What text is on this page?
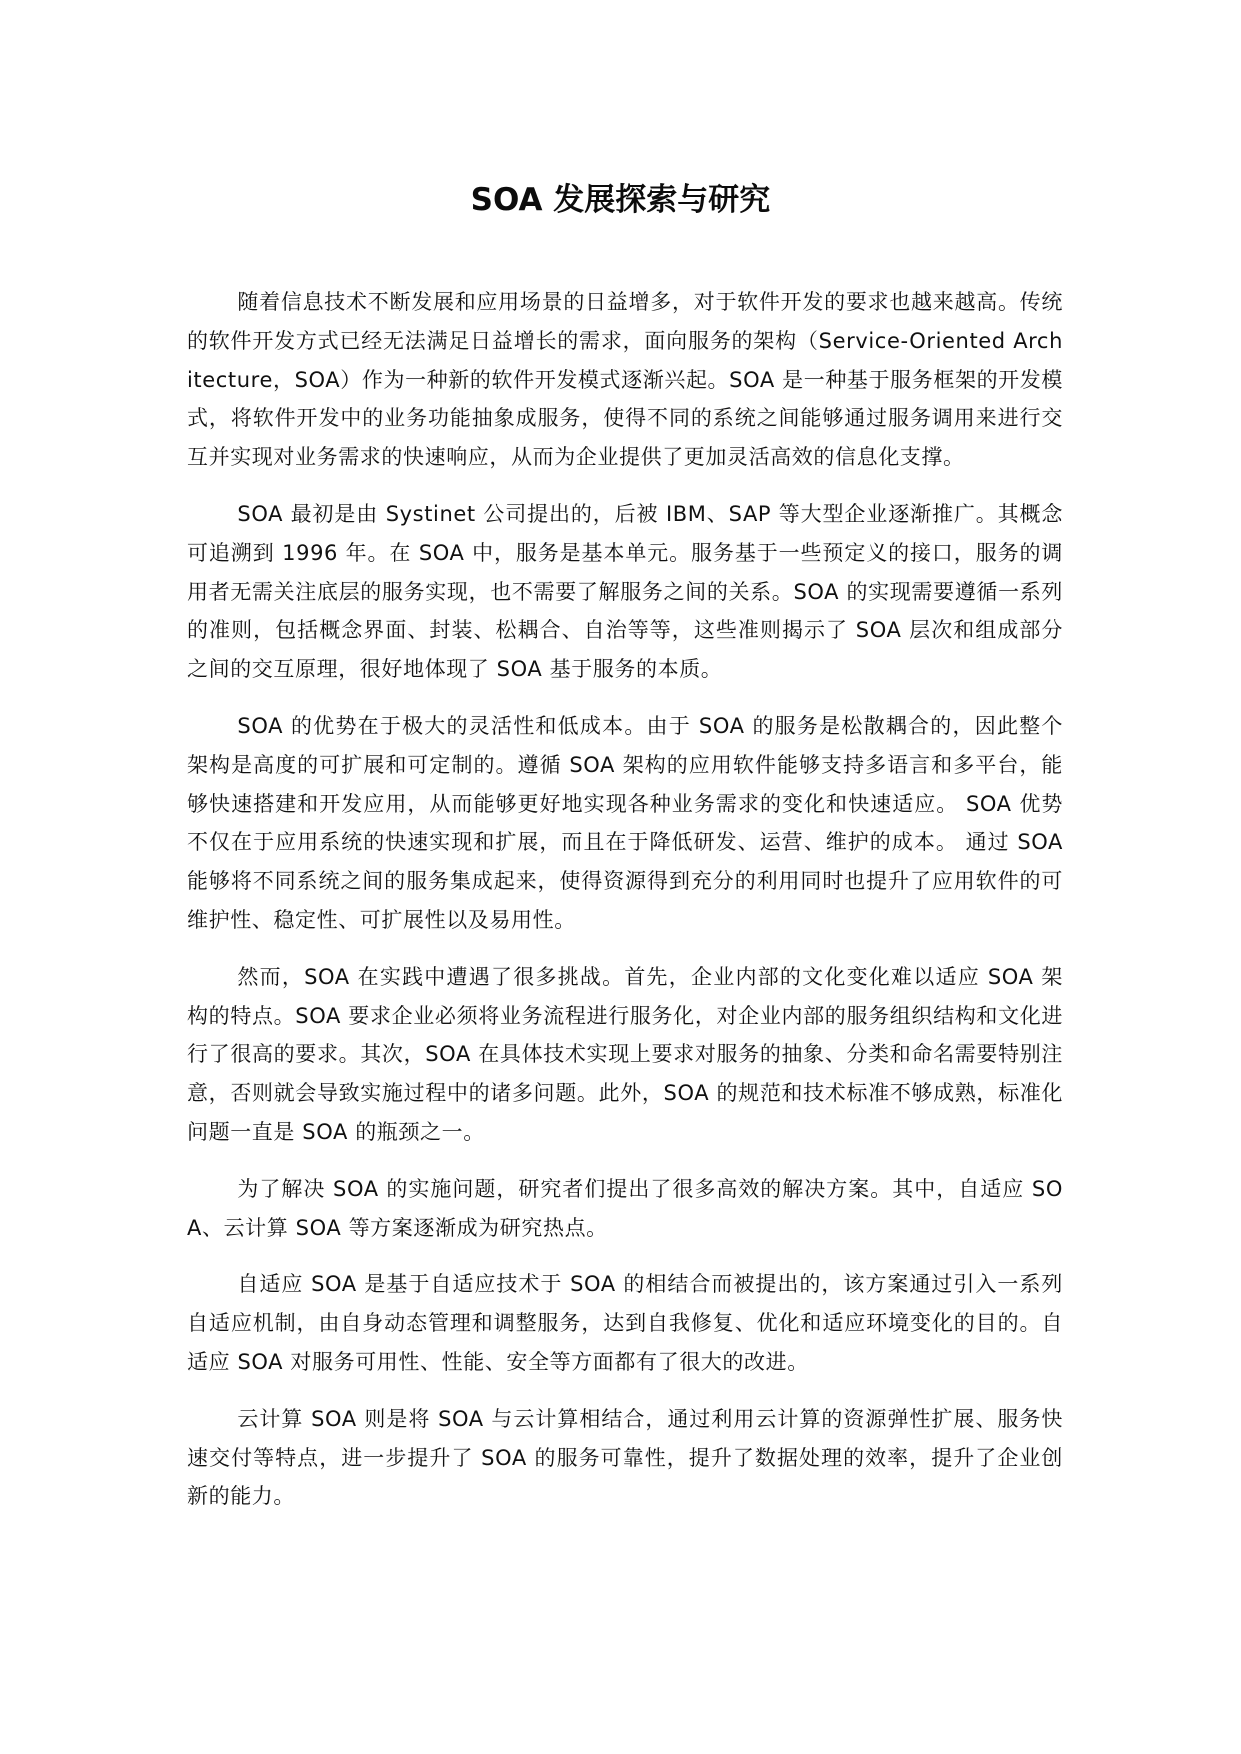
SOA 发展探索与研究

随着信息技术不断发展和应用场景的日益增多，对于软件开发的要求也越来越高。传统的软件开发方式已经无法满足日益增长的需求，面向服务的架构（Service-Oriented Architecture，SOA）作为一种新的软件开发模式逐渐兴起。SOA 是一种基于服务框架的开发模式，将软件开发中的业务功能抽象成服务，使得不同的系统之间能够通过服务调用来进行交互并实现对业务需求的快速响应，从而为企业提供了更加灵活高效的信息化支撑。

SOA 最初是由 Systinet 公司提出的，后被 IBM、SAP 等大型企业逐渐推广。其概念可追溯到 1996 年。在 SOA 中，服务是基本单元。服务基于一些预定义的接口，服务的调用者无需关注底层的服务实现，也不需要了解服务之间的关系。SOA 的实现需要遵循一系列的准则，包括概念界面、封装、松耦合、自治等等，这些准则揭示了 SOA 层次和组成部分之间的交互原理，很好地体现了 SOA 基于服务的本质。

SOA 的优势在于极大的灵活性和低成本。由于 SOA 的服务是松散耦合的，因此整个架构是高度的可扩展和可定制的。遵循 SOA 架构的应用软件能够支持多语言和多平台，能够快速搭建和开发应用，从而能够更好地实现各种业务需求的变化和快速适应。 SOA 优势不仅在于应用系统的快速实现和扩展，而且在于降低研发、运营、维护的成本。 通过 SOA 能够将不同系统之间的服务集成起来，使得资源得到充分的利用同时也提升了应用软件的可维护性、稳定性、可扩展性以及易用性。

然而，SOA 在实践中遭遇了很多挑战。首先，企业内部的文化变化难以适应 SOA 架构的特点。SOA 要求企业必须将业务流程进行服务化，对企业内部的服务组织结构和文化进行了很高的要求。其次，SOA 在具体技术实现上要求对服务的抽象、分类和命名需要特别注意，否则就会导致实施过程中的诸多问题。此外，SOA 的规范和技术标准不够成熟，标准化问题一直是 SOA 的瓶颈之一。

为了解决 SOA 的实施问题，研究者们提出了很多高效的解决方案。其中，自适应 SOA、云计算 SOA 等方案逐渐成为研究热点。

自适应 SOA 是基于自适应技术于 SOA 的相结合而被提出的，该方案通过引入一系列自适应机制，由自身动态管理和调整服务，达到自我修复、优化和适应环境变化的目的。自适应 SOA 对服务可用性、性能、安全等方面都有了很大的改进。

云计算 SOA 则是将 SOA 与云计算相结合，通过利用云计算的资源弹性扩展、服务快速交付等特点，进一步提升了 SOA 的服务可靠性，提升了数据处理的效率，提升了企业创新的能力。
